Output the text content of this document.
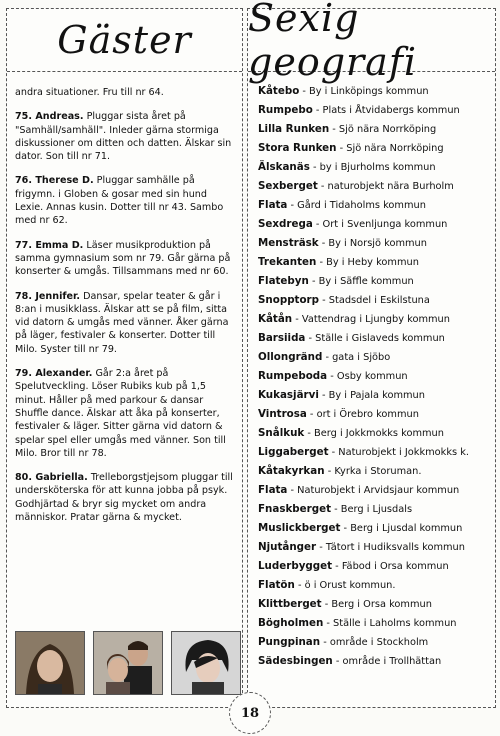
Gäster

andra situationer. Fru till nr 64.

75. Andreas. Pluggar sista året på "Samhäll/samhäll". Inleder gärna stormiga diskussioner om ditten och datten. Älskar sin dator. Son till nr 71.

76. Therese D. Pluggar samhälle på frigymn. i Globen & gosar med sin hund Lexie. Annas kusin. Dotter till nr 43. Sambo med nr 62.

77. Emma D. Läser musikproduktion på samma gymnasium som nr 79. Går gärna på konserter & umgås. Tillsammans med nr 60.

78. Jennifer. Dansar, spelar teater & går i 8:an i musikklass. Älskar att se på film, sitta vid datorn & umgås med vänner. Åker gärna på läger, festivaler & konserter. Dotter till Milo. Syster till nr 79.

79. Alexander. Går 2:a året på Spelutveckling. Löser Rubiks kub på 1,5 minut. Håller på med parkour & dansar Shuffle dance. Älskar att åka på konserter, festivaler & läger. Sitter gärna vid datorn & spelar spel eller umgås med vänner. Son till Milo. Bror till nr 78.

80. Gabriella. Trelleborgstjejsom pluggar till undersköterska för att kunna jobba på psyk. Godhjärtad & bryr sig mycket om andra människor. Pratar gärna & mycket.

Sexig geografi
Kåtebo - By i Linköpings kommun
Rumpebo - Plats i Åtvidabergs kommun
Lilla Runken - Sjö nära Norrköping
Stora Runken - Sjö nära Norrköping
Älskanäs - by i Bjurholms kommun
Sexberget - naturobjekt nära Burholm
Flata - Gård i Tidaholms kommun
Sexdrega - Ort i Svenljunga kommun
Mensträsk - By i Norsjö kommun
Trekanten - By i Heby kommun
Flatebyn - By i Säffle kommun
Snopptorp - Stadsdel i Eskilstuna
Kåtån - Vattendrag i Ljungby kommun
Barsiida - Ställe i Gislaveds kommun
Ollongränd - gata i Sjöbo
Rumpeboda - Osby kommun
Kukasjärvi - By i Pajala kommun
Vintrosa - ort i Örebro kommun
Snålkuk - Berg i Jokkmokks kommun
Liggaberget - Naturobjekt i Jokkmokks k.
Kåtakyrkan - Kyrka i Storuman.
Flata - Naturobjekt i Arvidsjaur kommun
Fnaskberget - Berg i Ljusdals
Muslickberget - Berg i Ljusdal kommun
Njutånger - Tätort i Hudiksvalls kommun
Luderbygget - Fäbod i Orsa kommun
Flatön - ö i Orust kommun.
Klittberget - Berg i Orsa kommun
Bögholmen - Ställe i Laholms kommun
Pungpinan - område i Stockholm
Sädesbingen - område i Trollhättan
18
